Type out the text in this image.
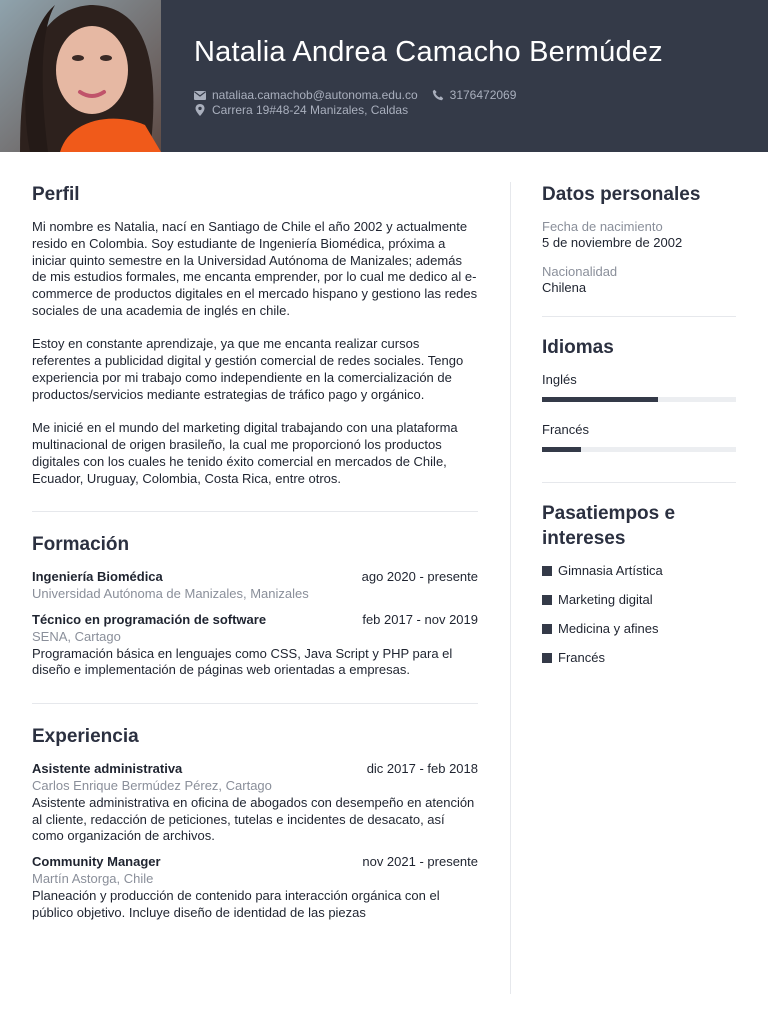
Natalia Andrea Camacho Bermúdez
nataliaa.camachob@autonoma.edu.co	3176472069
Carrera 19#48-24 Manizales, Caldas
Perfil

Mi nombre es Natalia, nací en Santiago de Chile el año 2002 y actualmente resido en Colombia. Soy estudiante de Ingeniería Biomédica, próxima a iniciar quinto semestre en la Universidad Autónoma de Manizales; además de mis estudios formales, me encanta emprender, por lo cual me dedico al e-commerce de productos digitales en el mercado hispano y gestiono las redes sociales de una academia de inglés en chile.

Estoy en constante aprendizaje, ya que me encanta realizar cursos referentes a publicidad digital y gestión comercial de redes sociales. Tengo experiencia por mi trabajo como independiente en la comercialización de productos/servicios mediante estrategias de tráfico pago y orgánico.

Me inicié en el mundo del marketing digital trabajando con una plataforma multinacional de origen brasileño, la cual me proporcionó los productos digitales con los cuales he tenido éxito comercial en mercados de Chile, Ecuador, Uruguay, Colombia, Costa Rica, entre otros.

Formación
Ingeniería Biomédica	ago 2020 - presente
Universidad Autónoma de Manizales, Manizales
Técnico en programación de software	feb 2017 - nov 2019
SENA, Cartago
Programación básica en lenguajes como CSS, Java Script y PHP para el diseño e implementación de páginas web orientadas a empresas.
Experiencia
Asistente administrativa	dic 2017 - feb 2018
Carlos Enrique Bermúdez Pérez, Cartago
Asistente administrativa en oficina de abogados con desempeño en atención al cliente, redacción de peticiones, tutelas e incidentes de desacato, así como organización de archivos.
Community Manager	nov 2021 - presente
Martín Astorga, Chile
Planeación y producción de contenido para interacción orgánica con el público objetivo. Incluye diseño de identidad de las piezas
Datos personales
Fecha de nacimiento
5 de noviembre de 2002
Nacionalidad
Chilena
Idiomas
Inglés
Francés
Pasatiempos e intereses
Gimnasia Artística
Marketing digital
Medicina y afines
Francés
